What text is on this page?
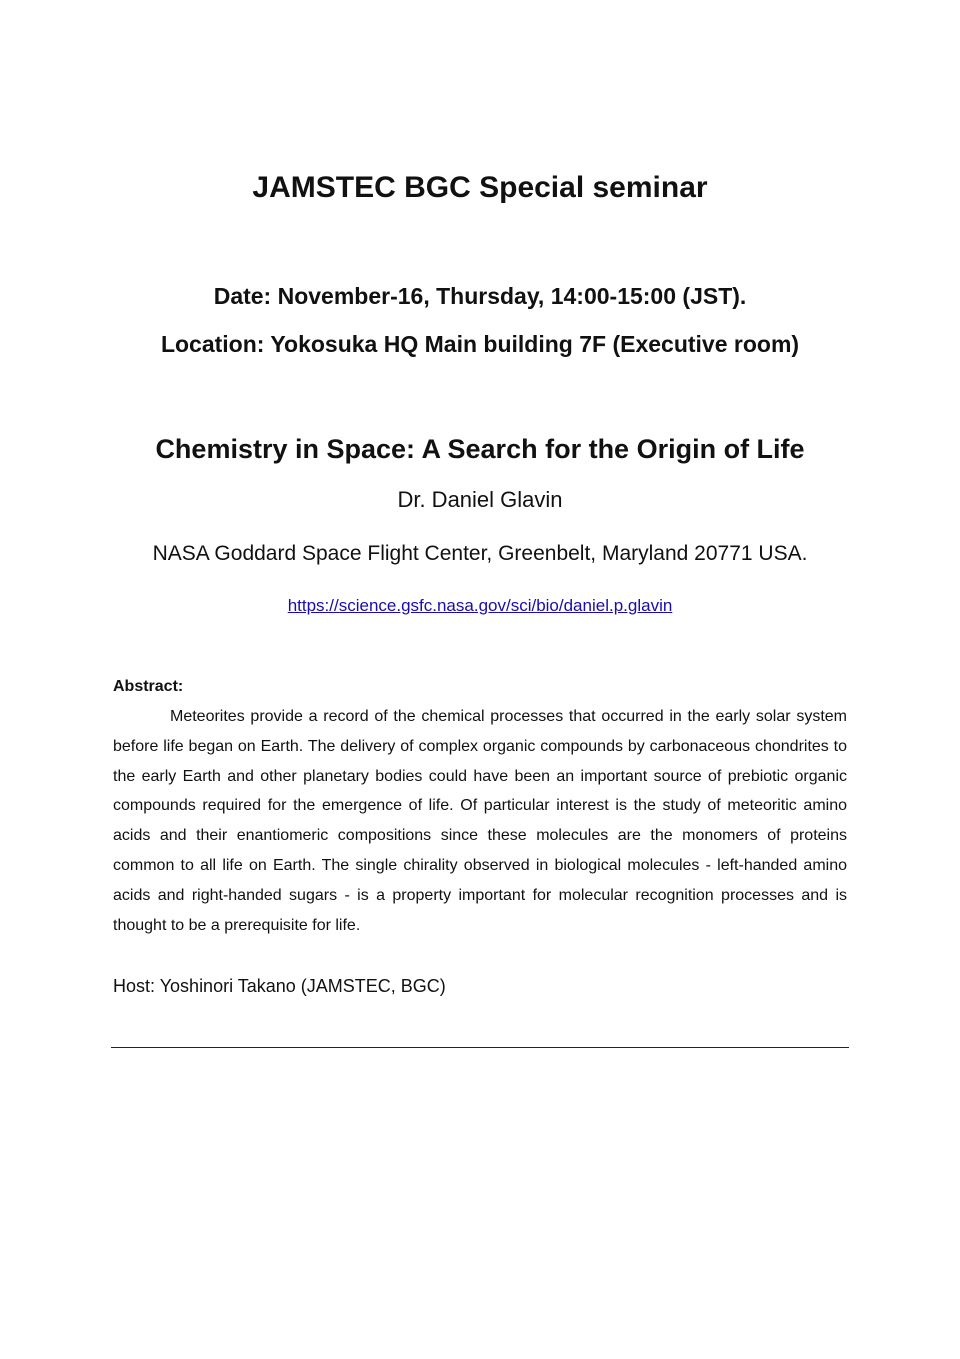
JAMSTEC BGC Special seminar
Date: November-16, Thursday, 14:00-15:00 (JST).
Location: Yokosuka HQ Main building 7F (Executive room)
Chemistry in Space: A Search for the Origin of Life
Dr. Daniel Glavin
NASA Goddard Space Flight Center, Greenbelt, Maryland 20771 USA.
https://science.gsfc.nasa.gov/sci/bio/daniel.p.glavin
Abstract:

Meteorites provide a record of the chemical processes that occurred in the early solar system before life began on Earth. The delivery of complex organic compounds by carbonaceous chondrites to the early Earth and other planetary bodies could have been an important source of prebiotic organic compounds required for the emergence of life. Of particular interest is the study of meteoritic amino acids and their enantiomeric compositions since these molecules are the monomers of proteins common to all life on Earth. The single chirality observed in biological molecules - left-handed amino acids and right-handed sugars - is a property important for molecular recognition processes and is thought to be a prerequisite for life.

Host: Yoshinori Takano (JAMSTEC, BGC)
